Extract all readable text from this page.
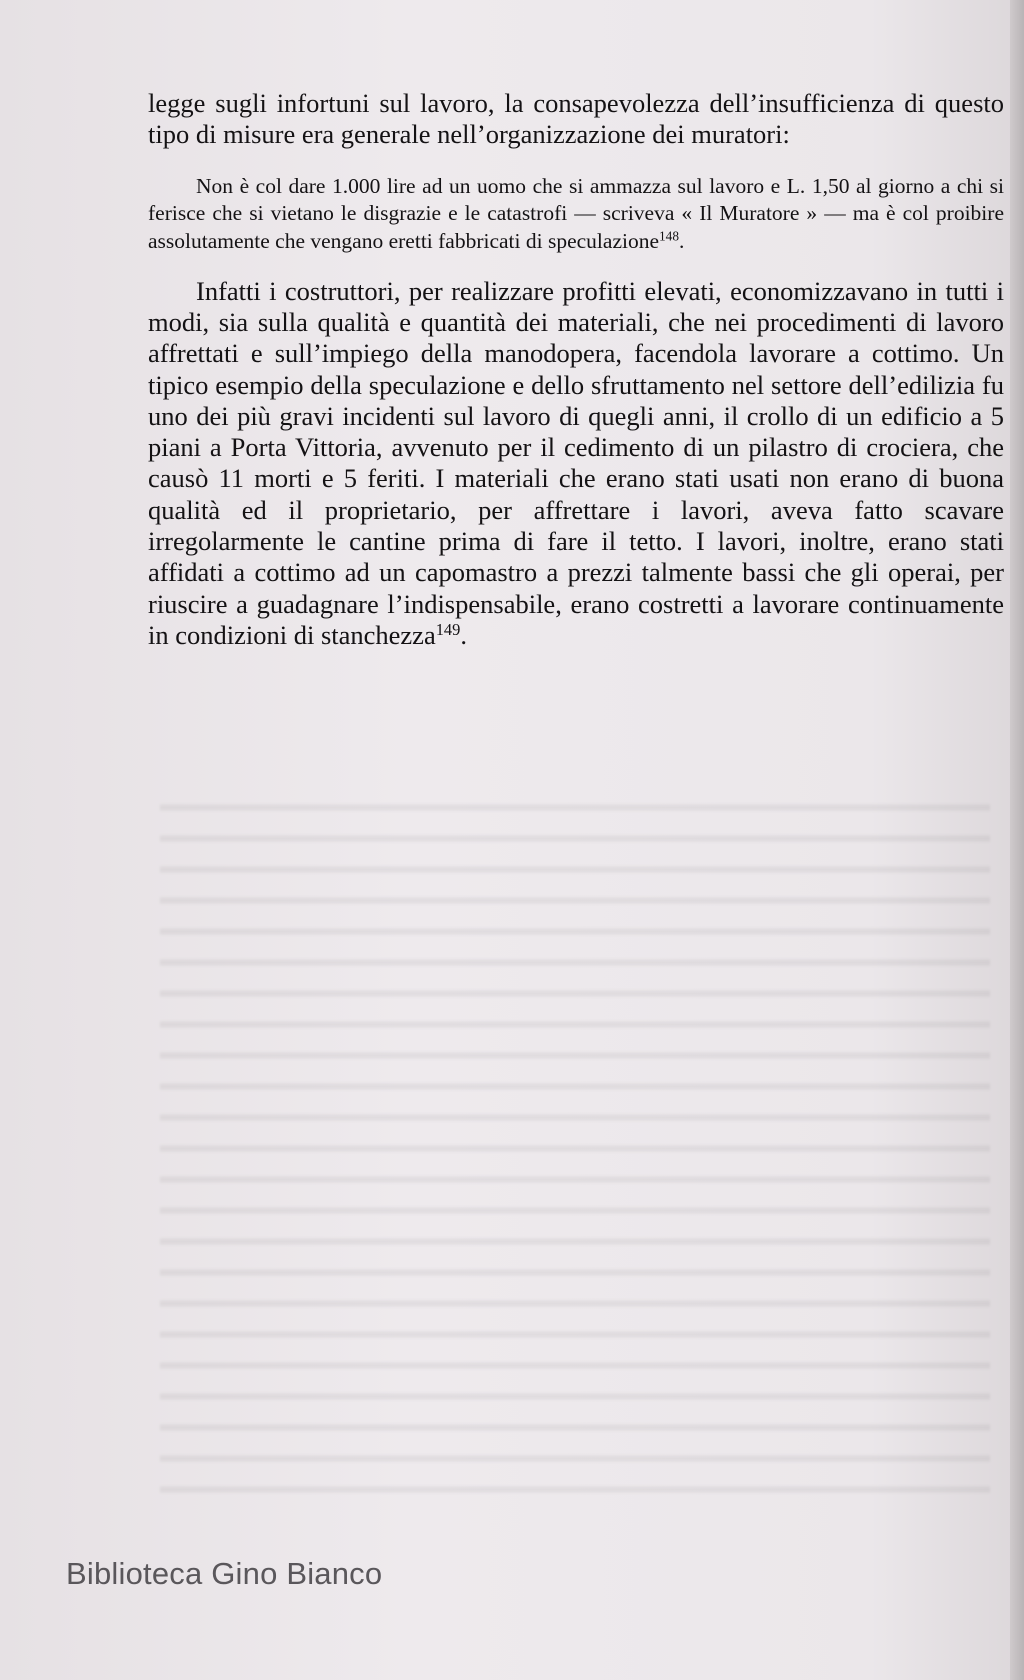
legge sugli infortuni sul lavoro, la consapevolezza dell’insufficienza di questo tipo di misure era generale nell’organizzazione dei muratori:

Non è col dare 1.000 lire ad un uomo che si ammazza sul lavoro e L. 1,50 al giorno a chi si ferisce che si vietano le disgrazie e le catastrofi — scriveva « Il Muratore » — ma è col proibire assolutamente che vengano eretti fabbricati di speculazione$^{148}$.

Infatti i costruttori, per realizzare profitti elevati, economizzavano in tutti i modi, sia sulla qualità e quantità dei materiali, che nei procedimenti di lavoro affrettati e sull’impiego della manodopera, facendola lavorare a cottimo. Un tipico esempio della speculazione e dello sfruttamento nel settore dell’edilizia fu uno dei più gravi incidenti sul lavoro di quegli anni, il crollo di un edificio a 5 piani a Porta Vittoria, avvenuto per il cedimento di un pilastro di crociera, che causò 11 morti e 5 feriti. I materiali che erano stati usati non erano di buona qualità ed il proprietario, per affrettare i lavori, aveva fatto scavare irregolarmente le cantine prima di fare il tetto. I lavori, inoltre, erano stati affidati a cottimo ad un capomastro a prezzi talmente bassi che gli operai, per riuscire a guadagnare l’indispensabile, erano costretti a lavorare continuamente in condizioni di stanchezza$^{149}$.

Biblioteca Gino Bianco
